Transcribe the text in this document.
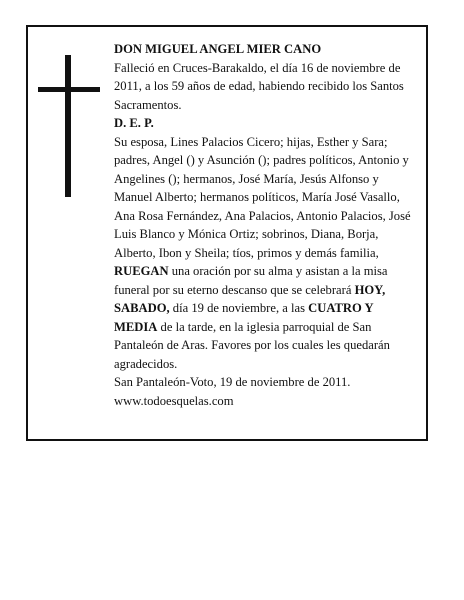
DON MIGUEL ANGEL MIER CANO

Falleció en Cruces-Barakaldo, el día 16 de noviembre de 2011, a los 59 años de edad, habiendo recibido los Santos Sacramentos.

D. E. P.

Su esposa, Lines Palacios Cicero; hijas, Esther y Sara; padres, Angel () y Asunción (); padres políticos, Antonio y Angelines (); hermanos, José María, Jesús Alfonso y Manuel Alberto; hermanos políticos, María José Vasallo, Ana Rosa Fernández, Ana Palacios, Antonio Palacios, José Luis Blanco y Mónica Ortiz; sobrinos, Diana, Borja, Alberto, Ibon y Sheila; tíos, primos y demás familia,

RUEGAN una oración por su alma y asistan a la misa funeral por su eterno descanso que se celebrará HOY, SABADO, día 19 de noviembre, a las CUATRO Y MEDIA de la tarde, en la iglesia parroquial de San Pantaleón de Aras. Favores por los cuales les quedarán agradecidos.

San Pantaleón-Voto, 19 de noviembre de 2011.

www.todoesquelas.com
